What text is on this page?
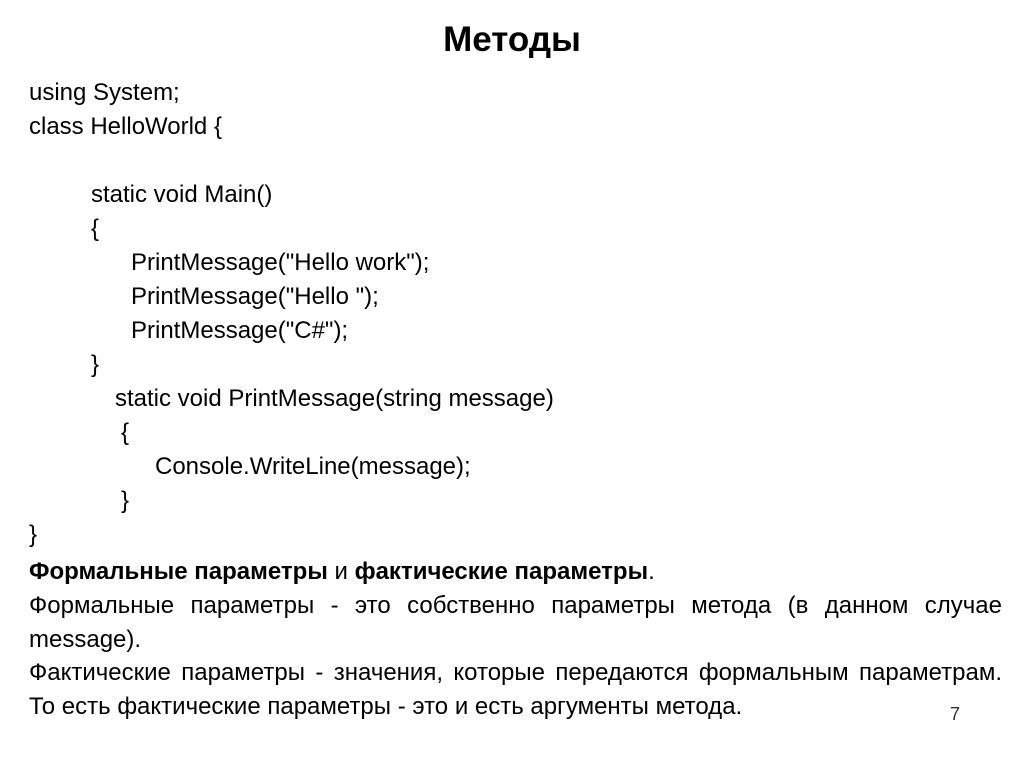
Методы
using System;
class HelloWorld {
static void Main()
{
PrintMessage("Hello work");
PrintMessage("Hello ");
PrintMessage("C#");
}
static void PrintMessage(string message)
{
Console.WriteLine(message);
}
}

Формальные параметры и фактические параметры.

Формальные параметры - это собственно параметры метода (в данном случае message).

Фактические параметры - значения, которые передаются формальным параметрам. То есть фактические параметры - это и есть аргументы метода.	7
